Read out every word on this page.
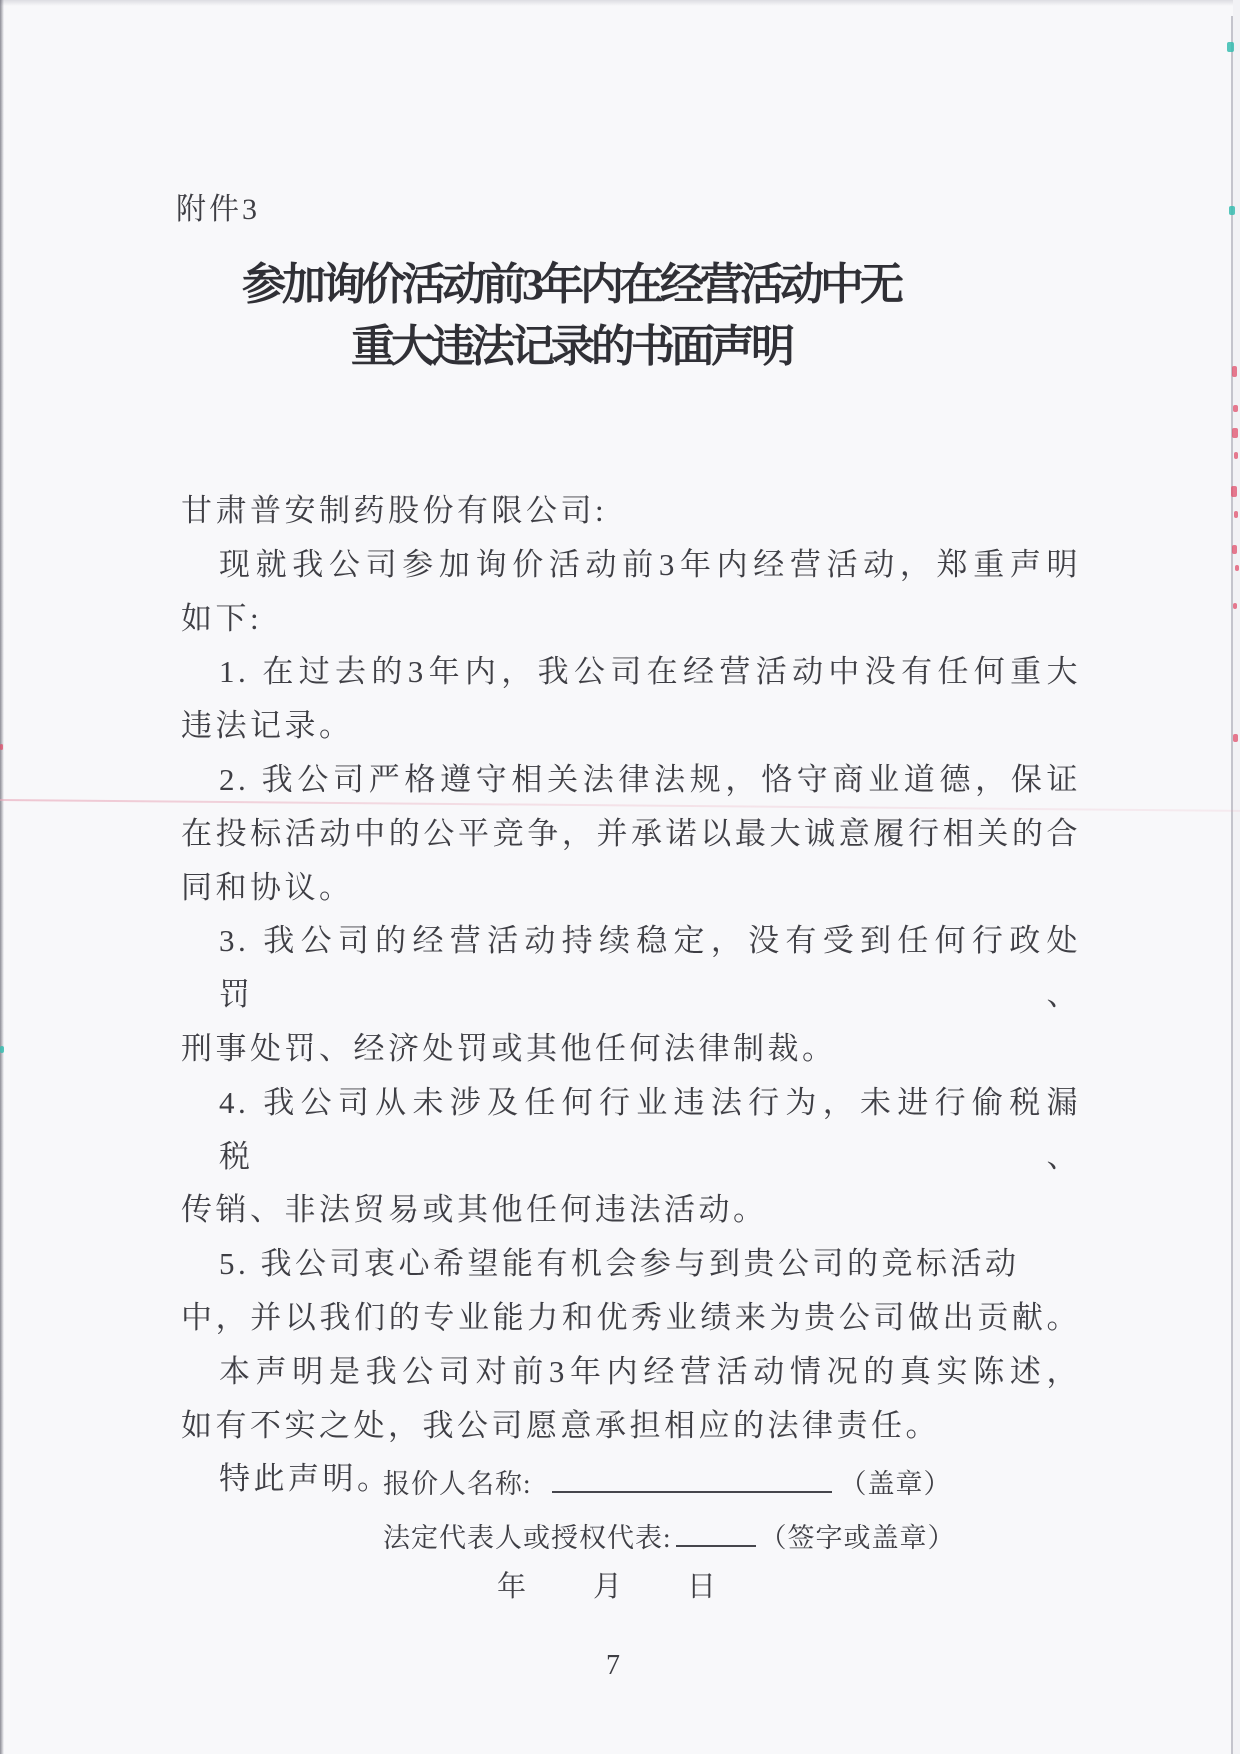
附件3
参加询价活动前3年内在经营活动中无
重大违法记录的书面声明
甘肃普安制药股份有限公司:
现就我公司参加询价活动前3年内经营活动，郑重声明
如下:
1. 在过去的3年内，我公司在经营活动中没有任何重大
违法记录。
2. 我公司严格遵守相关法律法规，恪守商业道德，保证
在投标活动中的公平竞争，并承诺以最大诚意履行相关的合
同和协议。
3. 我公司的经营活动持续稳定，没有受到任何行政处罚、
刑事处罚、经济处罚或其他任何法律制裁。
4. 我公司从未涉及任何行业违法行为，未进行偷税漏税、
传销、非法贸易或其他任何违法活动。
5. 我公司衷心希望能有机会参与到贵公司的竞标活动
中，并以我们的专业能力和优秀业绩来为贵公司做出贡献。
本声明是我公司对前3年内经营活动情况的真实陈述，
如有不实之处，我公司愿意承担相应的法律责任。
特此声明。
报价人名称:	（盖章）
法定代表人或授权代表:	（签字或盖章）
年 月 日
7
